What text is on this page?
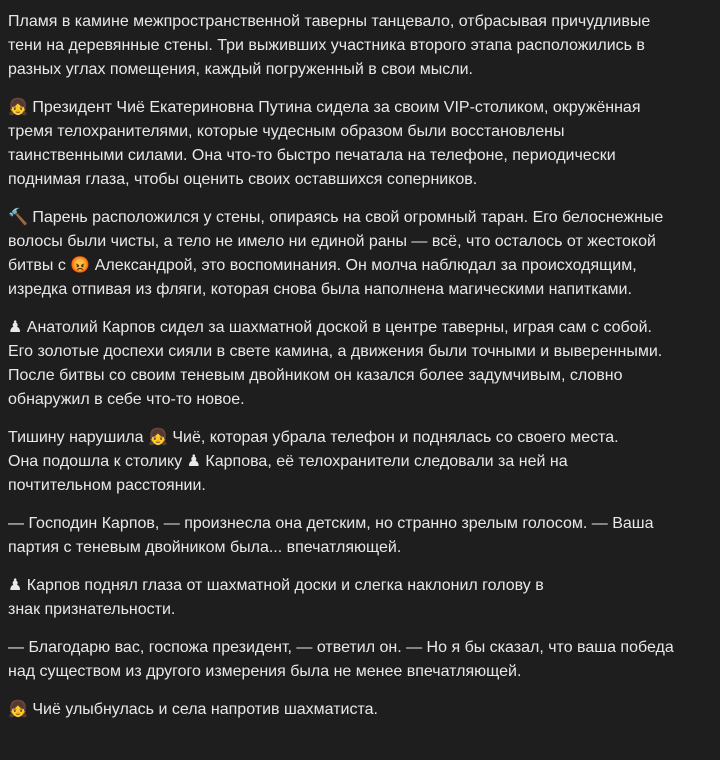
Пламя в камине межпространственной таверны танцевало, отбрасывая причудливые
тени на деревянные стены. Три выживших участника второго этапа расположились в
разных углах помещения, каждый погруженный в свои мысли.

👧 Президент Чиё Екатериновна Путина сидела за своим VIP-столиком, окружённая
тремя телохранителями, которые чудесным образом были восстановлены
таинственными силами. Она что-то быстро печатала на телефоне, периодически
поднимая глаза, чтобы оценить своих оставшихся соперников.

🔨 Парень расположился у стены, опираясь на свой огромный таран. Его белоснежные
волосы были чисты, а тело не имело ни единой раны — всё, что осталось от жестокой
битвы с 😡 Александрой, это воспоминания. Он молча наблюдал за происходящим,
изредка отпивая из фляги, которая снова была наполнена магическими напитками.

♟ Анатолий Карпов сидел за шахматной доской в центре таверны, играя сам с собой.
Его золотые доспехи сияли в свете камина, а движения были точными и выверенными.
После битвы со своим теневым двойником он казался более задумчивым, словно
обнаружил в себе что-то новое.

Тишину нарушила 👧 Чиё, которая убрала телефон и поднялась со своего места.
Она подошла к столику ♟ Карпова, её телохранители следовали за ней на
почтительном расстоянии.

— Господин Карпов, — произнесла она детским, но странно зрелым голосом. — Ваша
партия с теневым двойником была... впечатляющей.

♟ Карпов поднял глаза от шахматной доски и слегка наклонил голову в
знак признательности.

— Благодарю вас, госпожа президент, — ответил он. — Но я бы сказал, что ваша победа
над существом из другого измерения была не менее впечатляющей.

👧 Чиё улыбнулась и села напротив шахматиста.
